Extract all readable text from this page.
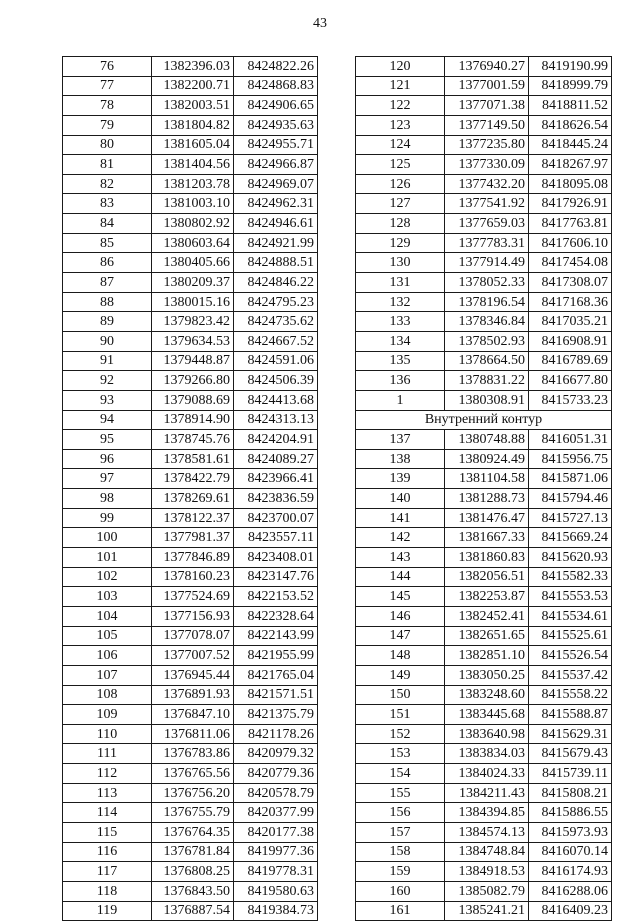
43
76	1382396.03	8424822.26
77	1382200.71	8424868.83
78	1382003.51	8424906.65
79	1381804.82	8424935.63
80	1381605.04	8424955.71
81	1381404.56	8424966.87
82	1381203.78	8424969.07
83	1381003.10	8424962.31
84	1380802.92	8424946.61
85	1380603.64	8424921.99
86	1380405.66	8424888.51
87	1380209.37	8424846.22
88	1380015.16	8424795.23
89	1379823.42	8424735.62
90	1379634.53	8424667.52
91	1379448.87	8424591.06
92	1379266.80	8424506.39
93	1379088.69	8424413.68
94	1378914.90	8424313.13
95	1378745.76	8424204.91
96	1378581.61	8424089.27
97	1378422.79	8423966.41
98	1378269.61	8423836.59
99	1378122.37	8423700.07
100	1377981.37	8423557.11
101	1377846.89	8423408.01
102	1378160.23	8423147.76
103	1377524.69	8422153.52
104	1377156.93	8422328.64
105	1377078.07	8422143.99
106	1377007.52	8421955.99
107	1376945.44	8421765.04
108	1376891.93	8421571.51
109	1376847.10	8421375.79
110	1376811.06	8421178.26
111	1376783.86	8420979.32
112	1376765.56	8420779.36
113	1376756.20	8420578.79
114	1376755.79	8420377.99
115	1376764.35	8420177.38
116	1376781.84	8419977.36
117	1376808.25	8419778.31
118	1376843.50	8419580.63
119	1376887.54	8419384.73
120	1376940.27	8419190.99
121	1377001.59	8418999.79
122	1377071.38	8418811.52
123	1377149.50	8418626.54
124	1377235.80	8418445.24
125	1377330.09	8418267.97
126	1377432.20	8418095.08
127	1377541.92	8417926.91
128	1377659.03	8417763.81
129	1377783.31	8417606.10
130	1377914.49	8417454.08
131	1378052.33	8417308.07
132	1378196.54	8417168.36
133	1378346.84	8417035.21
134	1378502.93	8416908.91
135	1378664.50	8416789.69
136	1378831.22	8416677.80
1	1380308.91	8415733.23
Внутренний контур		
137	1380748.88	8416051.31
138	1380924.49	8415956.75
139	1381104.58	8415871.06
140	1381288.73	8415794.46
141	1381476.47	8415727.13
142	1381667.33	8415669.24
143	1381860.83	8415620.93
144	1382056.51	8415582.33
145	1382253.87	8415553.53
146	1382452.41	8415534.61
147	1382651.65	8415525.61
148	1382851.10	8415526.54
149	1383050.25	8415537.42
150	1383248.60	8415558.22
151	1383445.68	8415588.87
152	1383640.98	8415629.31
153	1383834.03	8415679.43
154	1384024.33	8415739.11
155	1384211.43	8415808.21
156	1384394.85	8415886.55
157	1384574.13	8415973.93
158	1384748.84	8416070.14
159	1384918.53	8416174.93
160	1385082.79	8416288.06
161	1385241.21	8416409.23
